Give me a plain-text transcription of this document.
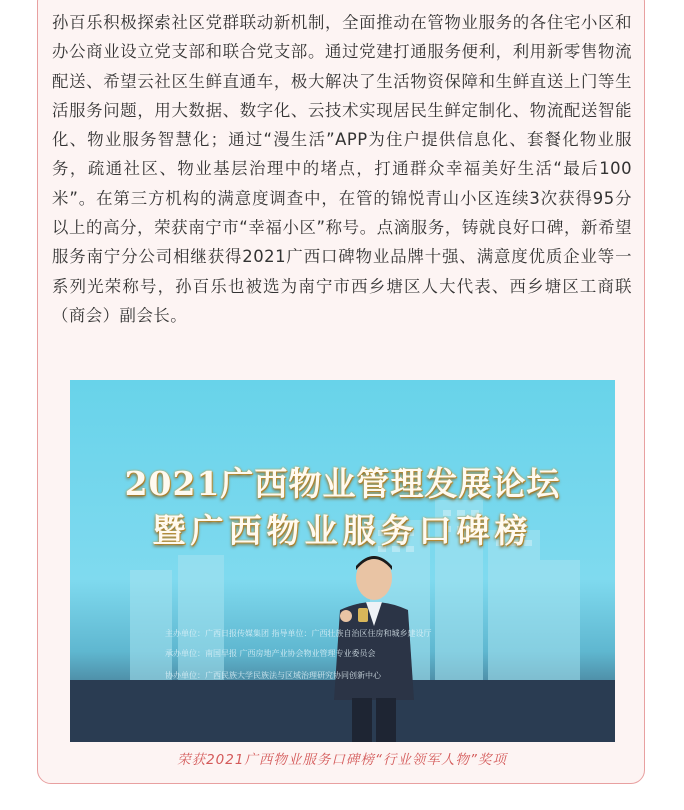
孙百乐积极探索社区党群联动新机制，全面推动在管物业服务的各住宅小区和办公商业设立党支部和联合党支部。通过党建打通服务便利，利用新零售物流配送、希望云社区生鲜直通车，极大解决了生活物资保障和生鲜直送上门等生活服务问题，用大数据、数字化、云技术实现居民生鲜定制化、物流配送智能化、物业服务智慧化；通过“漫生活”APP为住户提供信息化、套餐化物业服务，疏通社区、物业基层治理中的堵点，打通群众幸福美好生活“最后100米”。在第三方机构的满意度调查中，在管的锦悦青山小区连续3次获得95分以上的高分，荣获南宁市“幸福小区”称号。点滴服务，铸就良好口碑，新希望服务南宁分公司相继获得2021广西口碑物业品牌十强、满意度优质企业等一系列光荣称号，孙百乐也被选为南宁市西乡塘区人大代表、西乡塘区工商联（商会）副会长。

2021广西物业管理发展论坛
暨广西物业服务口碑榜
主办单位：广西日报传媒集团 指导单位：广西壮族自治区住房和城乡建设厅
承办单位：南国早报 广西房地产业协会物业管理专业委员会
协办单位：广西民族大学民族法与区域治理研究协同创新中心
荣获2021广西物业服务口碑榜“行业领军人物”奖项
